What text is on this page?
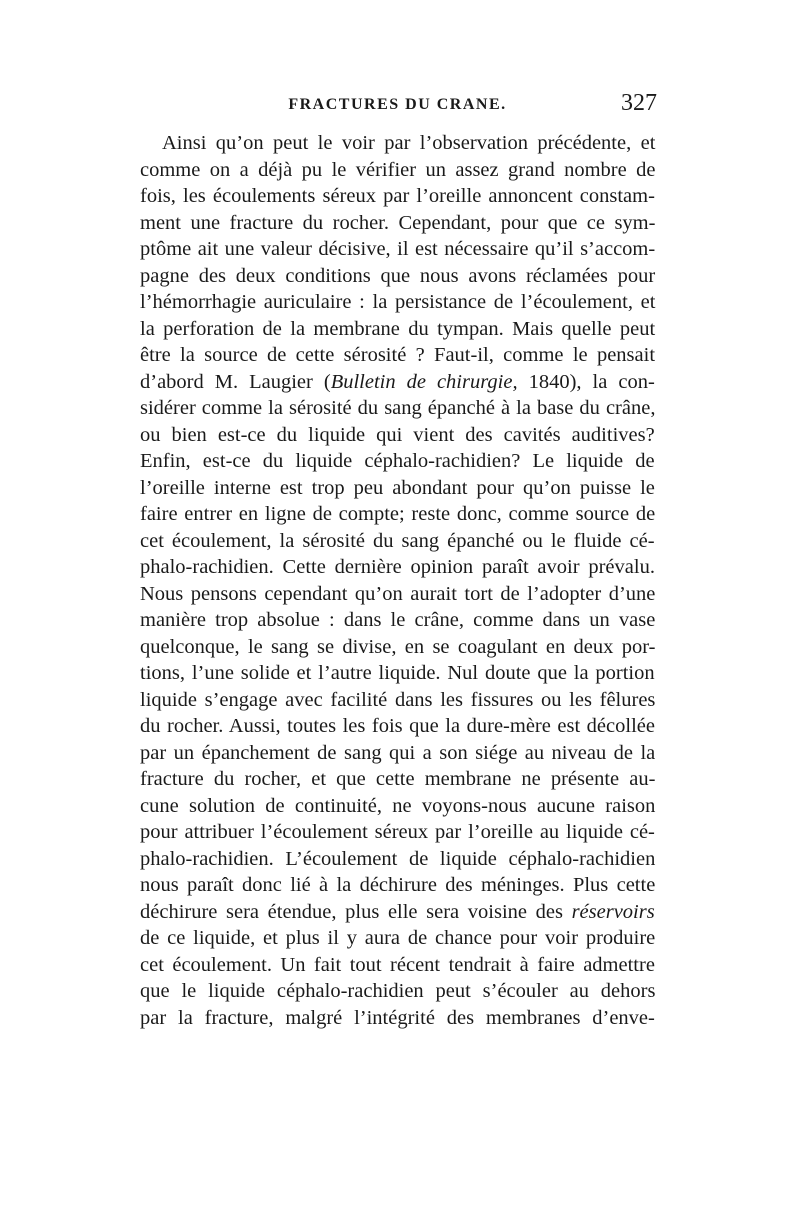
FRACTURES DU CRANE.	327
Ainsi qu’on peut le voir par l’observation précédente, et
comme on a déjà pu le vérifier un assez grand nombre de
fois, les écoulements séreux par l’oreille annoncent constam-
ment une fracture du rocher. Cependant, pour que ce sym-
ptôme ait une valeur décisive, il est nécessaire qu’il s’accom-
pagne des deux conditions que nous avons réclamées pour
l’hémorrhagie auriculaire : la persistance de l’écoulement, et
la perforation de la membrane du tympan. Mais quelle peut
être la source de cette sérosité ? Faut-il, comme le pensait
d’abord M. Laugier (Bulletin de chirurgie, 1840), la con-
sidérer comme la sérosité du sang épanché à la base du crâne,
ou bien est-ce du liquide qui vient des cavités auditives?
Enfin, est-ce du liquide céphalo-rachidien? Le liquide de
l’oreille interne est trop peu abondant pour qu’on puisse le
faire entrer en ligne de compte; reste donc, comme source de
cet écoulement, la sérosité du sang épanché ou le fluide cé-
phalo-rachidien. Cette dernière opinion paraît avoir prévalu.
Nous pensons cependant qu’on aurait tort de l’adopter d’une
manière trop absolue : dans le crâne, comme dans un vase
quelconque, le sang se divise, en se coagulant en deux por-
tions, l’une solide et l’autre liquide. Nul doute que la portion
liquide s’engage avec facilité dans les fissures ou les fêlures
du rocher. Aussi, toutes les fois que la dure-mère est décollée
par un épanchement de sang qui a son siége au niveau de la
fracture du rocher, et que cette membrane ne présente au-
cune solution de continuité, ne voyons-nous aucune raison
pour attribuer l’écoulement séreux par l’oreille au liquide cé-
phalo-rachidien. L’écoulement de liquide céphalo-rachidien
nous paraît donc lié à la déchirure des méninges. Plus cette
déchirure sera étendue, plus elle sera voisine des réservoirs
de ce liquide, et plus il y aura de chance pour voir produire
cet écoulement. Un fait tout récent tendrait à faire admettre
que le liquide céphalo-rachidien peut s’écouler au dehors
par la fracture, malgré l’intégrité des membranes d’enve-
